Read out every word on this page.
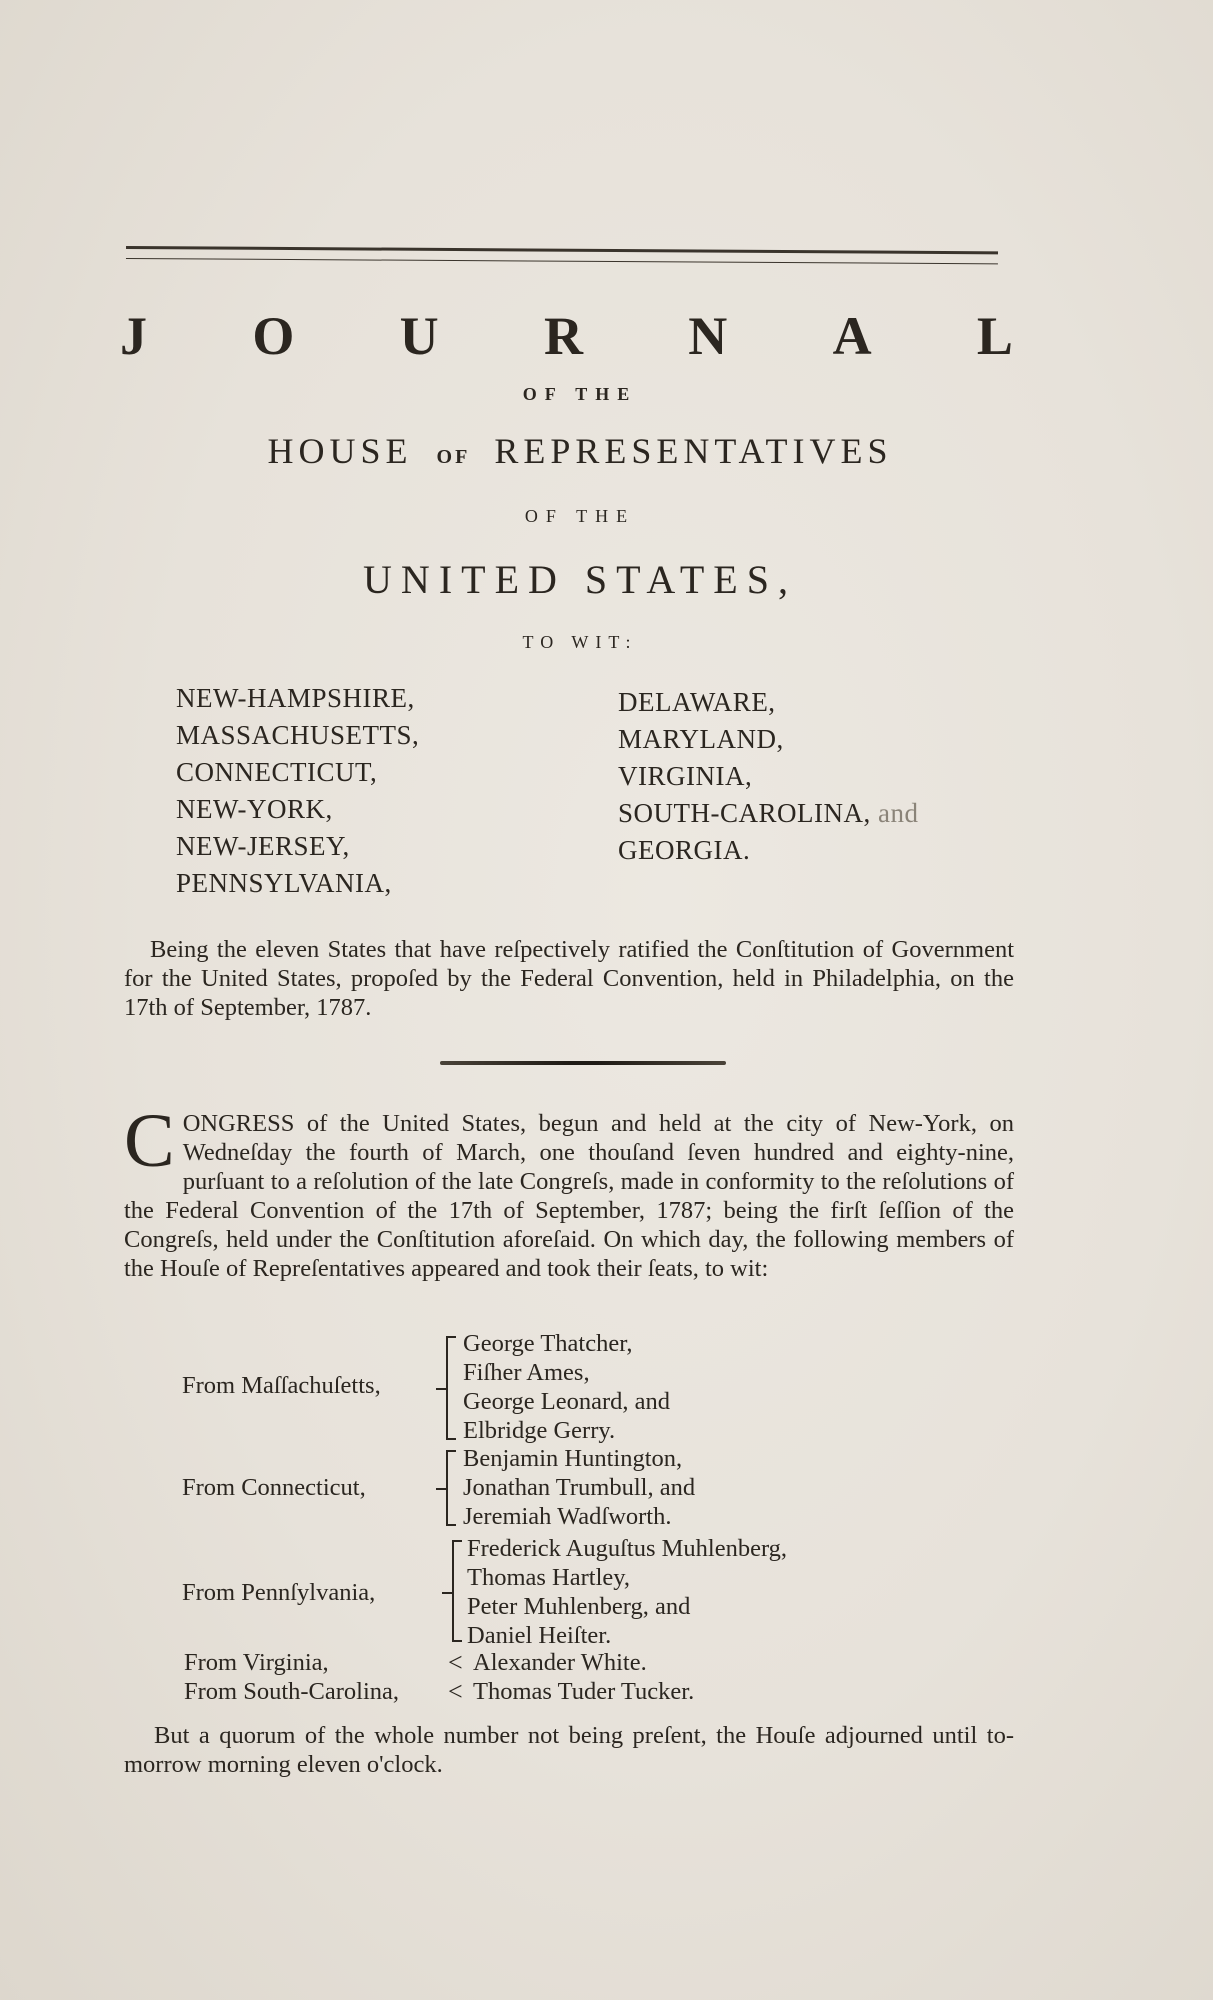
J O U R N A L
OF THE
HOUSE OF REPRESENTATIVES
OF THE
UNITED STATES,
TO WIT:
NEW-HAMPSHIRE,
MASSACHUSETTS,
CONNECTICUT,
NEW-YORK,
NEW-JERSEY,
PENNSYLVANIA,
DELAWARE,
MARYLAND,
VIRGINIA,
SOUTH-CAROLINA, and
GEORGIA.
Being the eleven States that have reſpectively ratified the Conſtitution of Government for the United States, propoſed by the Federal Convention, held in Philadelphia, on the 17th of September, 1787.
CONGRESS of the United States, begun and held at the city of New-York, on Wedneſday the fourth of March, one thouſand ſeven hundred and eighty-nine, purſuant to a reſolution of the late Congreſs, made in conformity to the reſolutions of the Federal Convention of the 17th of September, 1787; being the firſt ſeſſion of the Congreſs, held under the Conſtitution aforeſaid. On which day, the following members of the Houſe of Repreſentatives appeared and took their ſeats, to wit:
From Maſſachuſetts,
George Thatcher,
Fiſher Ames,
George Leonard, and
Elbridge Gerry.
From Connecticut,
Benjamin Huntington,
Jonathan Trumbull, and
Jeremiah Wadſworth.
From Pennſylvania,
Frederick Auguſtus Muhlenberg,
Thomas Hartley,
Peter Muhlenberg, and
Daniel Heiſter.
From Virginia,	< Alexander White.
From South-Carolina, < Thomas Tuder Tucker.
But a quorum of the whole number not being preſent, the Houſe adjourned until to-morrow morning eleven o'clock.
